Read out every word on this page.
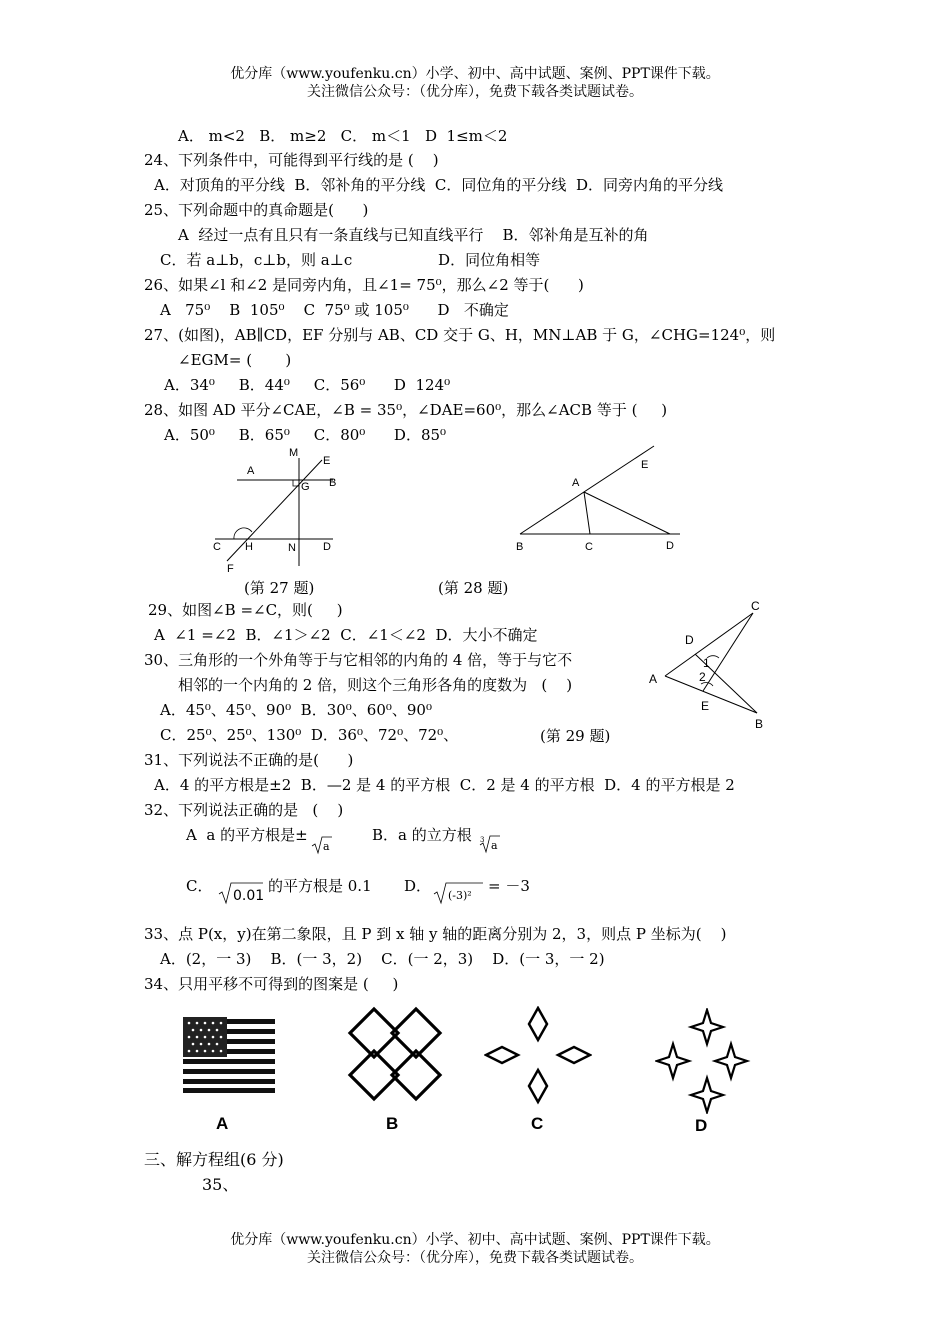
优分库（www.youfenku.cn）小学、初中、高中试题、案例、PPT课件下载。
关注微信公众号：（优分库），免费下载各类试题试卷。
A． m<2   B． m≥2   C． m＜1   D  1≤m＜2
24、下列条件中，可能得到平行线的是 (    )
A．对顶角的平分线  B．邻补角的平分线  C．同位角的平分线  D．同旁内角的平分线
25、下列命题中的真命题是(      )
A  经过一点有且只有一条直线与已知直线平行    B．邻补角是互补的角
C．若 a⊥b，c⊥b，则 a⊥c                  D．同位角相等
26、如果∠l 和∠2 是同旁内角，且∠1= 75⁰，那么∠2 等于(      )
A   75⁰    B  105⁰    C  75⁰ 或 105⁰      D   不确定
27、(如图)，AB∥CD，EF 分别与 AB、CD 交于 G、H，MN⊥AB 于 G，∠CHG=124⁰，则
∠EGM= (       )
A．34⁰     B．44⁰     C．56⁰      D  124⁰
28、如图 AD 平分∠CAE，∠B = 35⁰，∠DAE=60⁰，那么∠ACB 等于 (     )
A．50⁰     B．65⁰     C．80⁰      D．85⁰
M
E
A
G B
C H	N D
F
E
A
B	C	D
(第 27 题)	(第 28 题)
29、如图∠B =∠C，则(     )
A  ∠1 =∠2  B．∠1＞∠2  C．∠1＜∠2  D．大小不确定
30、三角形的一个外角等于与它相邻的内角的 4 倍，等于与它不
相邻的一个内角的 2 倍，则这个三角形各角的度数为   (    )
A．45⁰、45⁰、90⁰  B．30⁰、60⁰、90⁰
C．25⁰、25⁰、130⁰  D．36⁰、72⁰、72⁰、
C
D
A
1
2
E
B
(第 29 题)
31、下列说法不正确的是(      )
A．4 的平方根是±2  B．—2 是 4 的平方根  C．2 是 4 的平方根  D．4 的平方根是 2
32、下列说法正确的是   (    )
A  a 的平方根是±
a
B．a 的立方根 3 a
C．
0.01
的平方根是 0.1 D．
(-3)²
= －3
33、点 P(x，y)在第二象限，且 P 到 x 轴 y 轴的距离分别为 2，3，则点 P 坐标为(    )
A．(2，一 3)    B．(一 3，2)    C．(一 2，3)    D．(一 3，一 2)
34、只用平移不可得到的图案是 (     )
A	B	C	D
三、解方程组(6 分)
35、
优分库（www.youfenku.cn）小学、初中、高中试题、案例、PPT课件下载。
关注微信公众号：（优分库），免费下载各类试题试卷。
